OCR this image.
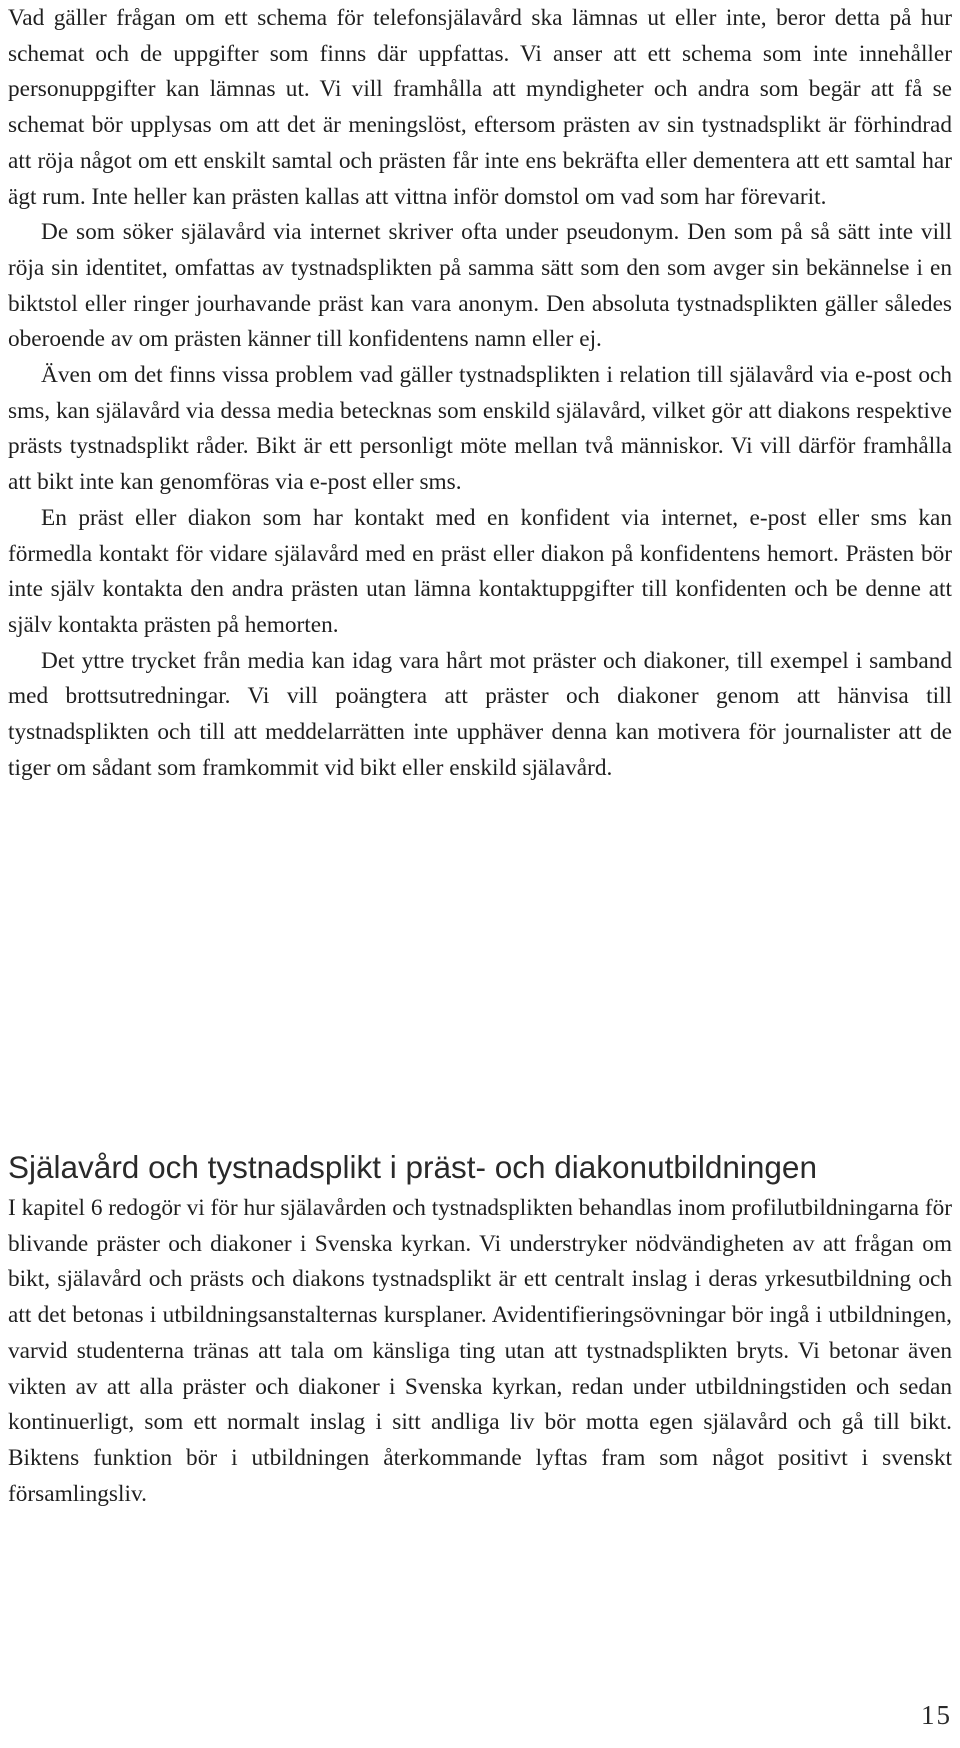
Vad gäller frågan om ett schema för telefonsjälavård ska lämnas ut eller inte, beror detta på hur schemat och de uppgifter som finns där uppfattas. Vi anser att ett schema som inte innehåller personuppgifter kan lämnas ut. Vi vill framhålla att myndigheter och andra som begär att få se schemat bör upplysas om att det är meningslöst, eftersom prästen av sin tystnadsplikt är förhindrad att röja något om ett enskilt samtal och prästen får inte ens bekräfta eller dementera att ett samtal har ägt rum. Inte heller kan prästen kallas att vittna inför domstol om vad som har förevarit.

De som söker själavård via internet skriver ofta under pseudonym. Den som på så sätt inte vill röja sin identitet, omfattas av tystnadsplikten på samma sätt som den som avger sin bekännelse i en biktstol eller ringer jourhavande präst kan vara anonym. Den absoluta tystnadsplikten gäller således oberoende av om prästen känner till konfidentens namn eller ej.

Även om det finns vissa problem vad gäller tystnadsplikten i relation till själavård via e-post och sms, kan själavård via dessa media betecknas som enskild själavård, vilket gör att diakons respektive prästs tystnadsplikt råder. Bikt är ett personligt möte mellan två människor. Vi vill därför framhålla att bikt inte kan genomföras via e-post eller sms.

En präst eller diakon som har kontakt med en konfident via internet, e-post eller sms kan förmedla kontakt för vidare själavård med en präst eller diakon på konfidentens hemort. Prästen bör inte själv kontakta den andra prästen utan lämna kontaktuppgifter till konfidenten och be denne att själv kontakta prästen på hemorten.

Det yttre trycket från media kan idag vara hårt mot präster och diakoner, till exempel i samband med brottsutredningar. Vi vill poängtera att präster och diakoner genom att hänvisa till tystnadsplikten och till att meddelarrätten inte upphäver denna kan motivera för journalister att de tiger om sådant som framkommit vid bikt eller enskild själavård.

Själavård och tystnadsplikt i präst- och diakonutbildningen

I kapitel 6 redogör vi för hur själavården och tystnadsplikten behandlas inom profilutbildningarna för blivande präster och diakoner i Svenska kyrkan. Vi understryker nödvändigheten av att frågan om bikt, själavård och prästs och diakons tystnadsplikt är ett centralt inslag i deras yrkesutbildning och att det betonas i utbildningsanstalternas kursplaner. Avidentifieringsövningar bör ingå i utbildningen, varvid studenterna tränas att tala om känsliga ting utan att tystnadsplikten bryts. Vi betonar även vikten av att alla präster och diakoner i Svenska kyrkan, redan under utbildningstiden och sedan kontinuerligt, som ett normalt inslag i sitt andliga liv bör motta egen själavård och gå till bikt. Biktens funktion bör i utbildningen återkommande lyftas fram som något positivt i svenskt församlingsliv.

15
